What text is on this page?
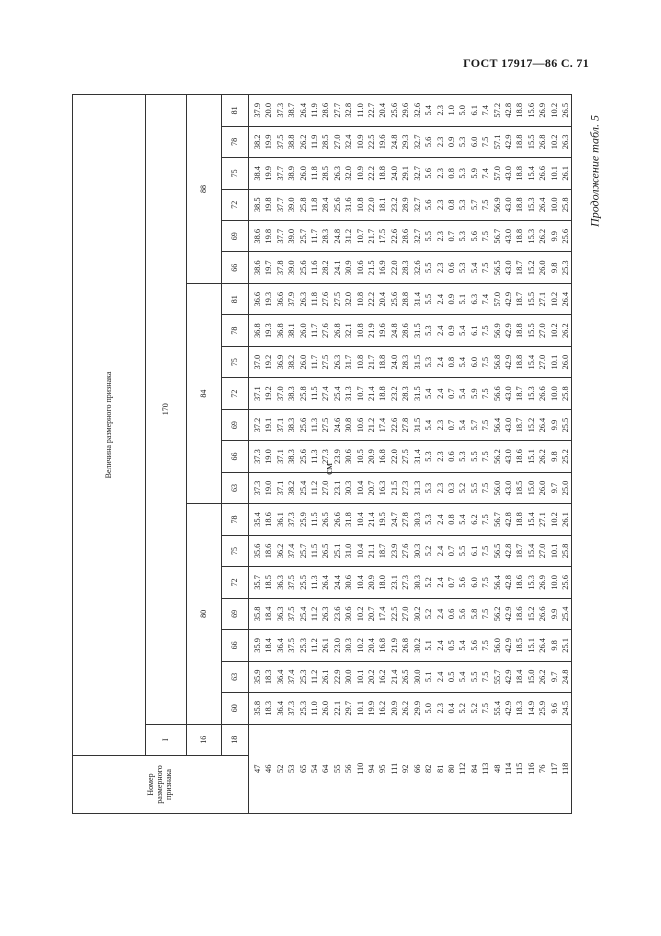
ГОСТ 17917—86 С. 71
Продолжение табл. 5
см
Номер размерного признака	Величина размерного признака																				
	I	170																			
	16	80							84							88					
	18	60	63	66	69	72	75	78	63	66	69	72	75	78	81	66	69	72	75	78	81
47		35.8	35.9	35.9	35.8	35.7	35.6	35.4	37.3	37.3	37.2	37.1	37.0	36.8	36.6	38.6	38.6	38.5	38.4	38.2	37.9
46		18.3	18.3	18.4	18.4	18.5	18.6	18.6	19.0	19.0	19.1	19.2	19.2	19.3	19.3	19.7	19.8	19.8	19.9	19.9	20.0
52		36.4	36.4	36.4	36.3	36.3	36.2	36.1	37.1	37.1	37.1	37.0	36.9	36.8	36.6	37.8	37.7	37.7	37.7	37.5	37.3
53		37.3	37.4	37.5	37.5	37.5	37.4	37.3	38.2	38.3	38.3	38.3	38.2	38.1	37.9	39.0	39.0	39.0	38.9	38.8	38.7
65		25.3	25.3	25.3	25.4	25.5	25.7	25.9	25.4	25.6	25.6	25.8	26.0	26.0	26.3	25.6	25.7	25.8	26.0	26.2	26.4
54		11.0	11.2	11.2	11.2	11.3	11.5	11.5	11.2	11.3	11.3	11.5	11.7	11.7	11.8	11.6	11.7	11.8	11.8	11.9	11.9
64		26.0	26.1	26.1	26.3	26.4	26.5	26.5	27.0	27.3	27.5	27.4	27.5	27.6	27.6	28.2	28.3	28.4	28.5	28.5	28.6
55		22.1	22.9	23.0	23.6	24.4	25.1	26.6	23.1	23.9	24.6	25.4	26.3	26.8	27.5	24.1	24.8	25.6	26.3	27.0	27.7
56		29.7	30.0	30.3	30.6	30.6	31.0	31.8	30.3	30.6	30.8	31.3	31.7	32.1	32.0	30.9	31.2	31.6	32.0	32.4	32.8
110		10.1	10.1	10.2	10.2	10.4	10.4	10.4	10.4	10.5	10.6	10.7	10.8	10.8	10.8	10.6	10.7	10.8	10.9	10.9	11.0
94		19.9	20.2	20.4	20.7	20.9	21.1	21.4	20.7	20.9	21.2	21.4	21.7	21.9	22.2	21.5	21.7	22.0	22.2	22.5	22.7
95		16.2	16.2	16.8	17.4	18.0	18.7	19.5	16.3	16.8	17.4	18.8	18.8	19.6	20.4	16.9	17.5	18.1	18.8	19.6	20.4
111		20.9	21.4	21.9	22.5	23.1	23.9	24.7	21.5	22.0	22.6	23.2	24.0	24.8	25.6	22.0	22.6	23.2	24.0	24.8	25.6
92		26.2	26.5	26.8	27.0	27.3	27.6	27.8	27.3	27.5	27.8	28.3	28.3	28.6	28.8	28.3	28.6	28.9	29.1	29.3	29.6
66		29.9	30.0	30.2	30.2	30.3	30.3	30.3	31.3	31.4	31.5	31.5	31.5	31.5	31.4	32.6	32.7	32.7	32.7	32.7	32.6
82		5.0	5.1	5.1	5.2	5.2	5.2	5.3	5.3	5.3	5.4	5.4	5.3	5.3	5.5	5.5	5.5	5.6	5.6	5.6	5.4
81		2.3	2.4	2.4	2.4	2.4	2.4	2.4	2.3	2.3	2.3	2.4	2.4	2.4	2.4	2.3	2.3	2.3	2.3	2.3	2.3
80		0.4	0.5	0.5	0.6	0.7	0.7	0.8	0.3	0.6	0.7	0.7	0.8	0.9	0.9	0.6	0.7	0.8	0.8	0.9	1.0
112		5.2	5.4	5.4	5.6	5.6	5.5	5.4	5.2	5.3	5.4	5.4	5.4	5.4	5.1	5.3	5.3	5.3	5.3	5.3	5.0
84		5.2	5.5	5.6	5.8	6.0	6.1	6.2	5.5	5.5	5.7	5.9	6.0	6.1	6.3	5.4	5.6	5.7	5.9	6.0	6.1
113		7.5	7.5	7.5	7.5	7.5	7.5	7.5	7.5	7.5	7.5	7.5	7.5	7.5	7.4	7.5	7.5	7.5	7.4	7.5	7.4
48		55.4	55.7	56.0	56.2	56.4	56.5	56.7	56.0	56.2	56.4	56.6	56.8	56.9	57.0	56.5	56.7	56.9	57.0	57.1	57.2
114		42.9	42.9	42.9	42.9	42.8	42.8	42.8	43.0	43.0	43.0	43.0	42.9	42.9	42.9	43.0	43.0	43.0	43.0	42.9	42.8
115		18.3	18.4	18.5	18.6	18.6	18.7	18.8	18.5	18.6	18.7	18.7	18.8	18.8	18.7	18.7	18.8	18.8	18.8	18.8	18.8
116		14.9	15.0	15.1	15.2	15.3	15.4	15.4	15.0	15.1	15.2	15.3	15.4	15.5	15.5	15.2	15.3	15.3	15.4	15.5	15.6
76		25.9	26.2	26.4	26.6	26.9	27.0	27.1	26.0	26.2	26.4	26.6	27.0	27.0	27.1	26.0	26.2	26.4	26.6	26.8	26.9
117		9.6	9.7	9.8	9.9	10.0	10.1	10.2	9.7	9.8	9.9	10.0	10.1	10.2	10.2	9.8	9.9	10.0	10.1	10.2	10.2
118		24.5	24.8	25.1	25.4	25.6	25.8	26.1	25.0	25.2	25.5	25.8	26.0	26.2	26.4	25.3	25.6	25.8	26.1	26.3	26.5
